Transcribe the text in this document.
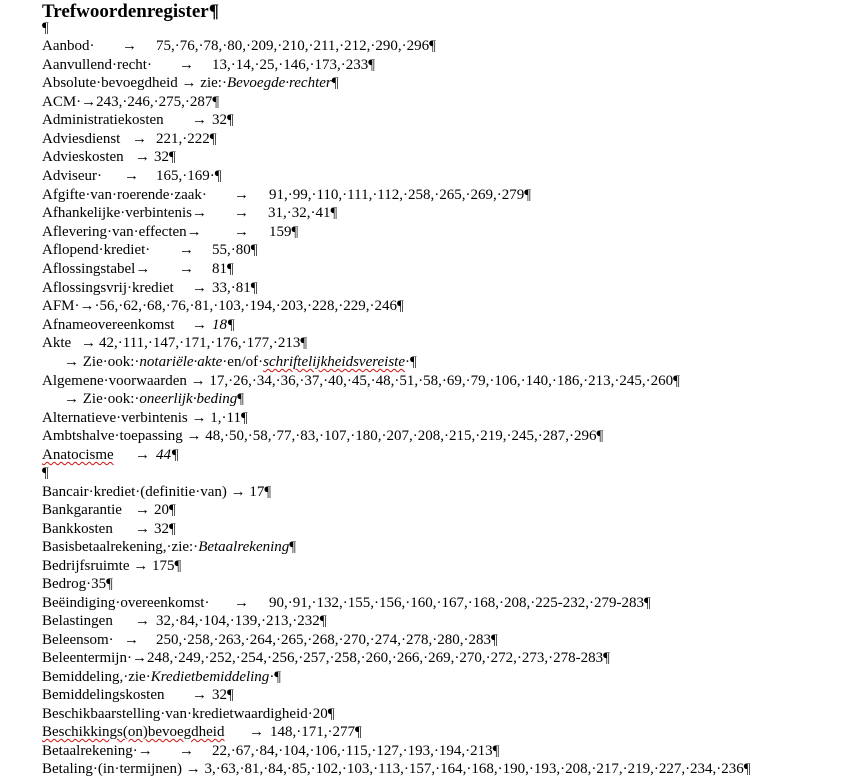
Trefwoordenregister¶
¶
Aanbod· → 75,·76,·78,·80,·209,·210,·211,·212,·290,·296¶
Aanvullend·recht· → 13,·14,·25,·146,·173,·233¶
Absolute·bevoegdheid → zie:·Bevoegde·rechter¶
ACM·→243,·246,·275,·287¶
Administratiekosten → 32¶
Adviesdienst → 221,·222¶
Advieskosten → 32¶
Adviseur· → 165,·169·¶
Afgifte·van·roerende·zaak· → 91,·99,·110,·111,·112,·258,·265,·269,·279¶
Afhankelijke·verbintenis→ → 31,·32,·41¶
Aflevering·van·effecten→ → 159¶
Aflopend·krediet· → 55,·80¶
Aflossingstabel→ → 81¶
Aflossingsvrij·krediet → 33,·81¶
AFM·→·56,·62,·68,·76,·81,·103,·194,·203,·228,·229,·246¶
Afnameovereenkomst → 18¶
Akte → 42,·111,·147,·171,·176,·177,·213¶
→ Zie·ook:·notariële·akte·en/of·schriftelijkheidsvereiste·¶
Algemene·voorwaarden → 17,·26,·34,·36,·37,·40,·45,·48,·51,·58,·69,·79,·106,·140,·186,·213,·245,·260¶
→ Zie·ook:·oneerlijk·beding¶
Alternatieve·verbintenis → 1,·11¶
Ambtshalve·toepassing → 48,·50,·58,·77,·83,·107,·180,·207,·208,·215,·219,·245,·287,·296¶
Anatocisme → 44¶
¶
Bancair·krediet·(definitie·van) → 17¶
Bankgarantie → 20¶
Bankkosten → 32¶
Basisbetaalrekening,·zie:·Betaalrekening¶
Bedrijfsruimte → 175¶
Bedrog·35¶
Beëindiging·overeenkomst· → 90,·91,·132,·155,·156,·160,·167,·168,·208,·225-232,·279-283¶
Belastingen → 32,·84,·104,·139,·213,·232¶
Beleensom· → 250,·258,·263,·264,·265,·268,·270,·274,·278,·280,·283¶
Beleentermijn·→248,·249,·252,·254,·256,·257,·258,·260,·266,·269,·270,·272,·273,·278-283¶
Bemiddeling,·zie·Kredietbemiddeling·¶
Bemiddelingskosten → 32¶
Beschikbaarstelling·van·kredietwaardigheid·20¶
Beschikkings(on)bevoegdheid → 148,·171,·277¶
Betaalrekening·→ → 22,·67,·84,·104,·106,·115,·127,·193,·194,·213¶
Betaling·(in·termijnen) → 3,·63,·81,·84,·85,·102,·103,·113,·157,·164,·168,·190,·193,·208,·217,·219,·227,·234,·236¶
